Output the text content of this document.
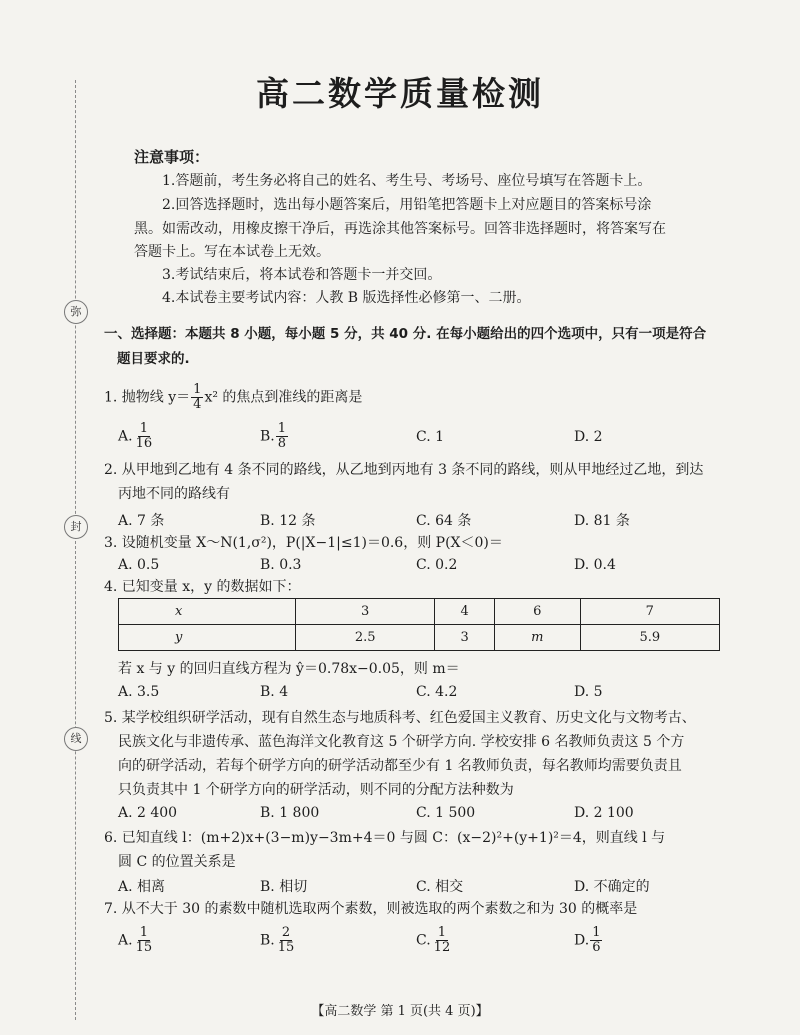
弥
封
线
高二数学质量检测
注意事项：
1.答题前，考生务必将自己的姓名、考生号、考场号、座位号填写在答题卡上。
2.回答选择题时，选出每小题答案后，用铅笔把答题卡上对应题目的答案标号涂
黑。如需改动，用橡皮擦干净后，再选涂其他答案标号。回答非选择题时，将答案写在
答题卡上。写在本试卷上无效。
3.考试结束后，将本试卷和答题卡一并交回。
4.本试卷主要考试内容：人教 B 版选择性必修第一、二册。
一、选择题：本题共 8 小题，每小题 5 分，共 40 分. 在每小题给出的四个选项中，只有一项是符合
题目要求的.
1. 抛物线 $y= \frac{1}{4} x^2$ 的焦点到准线的距离是
A. $\frac{1}{16}$	B. $\frac{1}{8}$	C. 1	D. 2
2. 从甲地到乙地有 4 条不同的路线，从乙地到丙地有 3 条不同的路线，则从甲地经过乙地，到达
丙地不同的路线有
A. 7 条	B. 12 条	C. 64 条	D. 81 条
3. 设随机变量 X～N(1,σ²)，P(|X−1|≤1)＝0.6，则 P(X＜0)＝
A. 0.5	B. 0.3	C. 0.2	D. 0.4
4. 已知变量 x，y 的数据如下：
x	3	4	6	7
y	2.5	3	m	5.9
若 x 与 y 的回归直线方程为 ŷ＝0.78x−0.05，则 m＝
A. 3.5	B. 4	C. 4.2	D. 5
5. 某学校组织研学活动，现有自然生态与地质科考、红色爱国主义教育、历史文化与文物考古、
民族文化与非遗传承、蓝色海洋文化教育这 5 个研学方向. 学校安排 6 名教师负责这 5 个方
向的研学活动，若每个研学方向的研学活动都至少有 1 名教师负责，每名教师均需要负责且
只负责其中 1 个研学方向的研学活动，则不同的分配方法种数为
A. 2 400	B. 1 800	C. 1 500	D. 2 100
6. 已知直线 l：(m+2)x+(3−m)y−3m+4＝0 与圆 C：(x−2)²+(y+1)²＝4，则直线 l 与
圆 C 的位置关系是
A. 相离	B. 相切	C. 相交	D. 不确定的
7. 从不大于 30 的素数中随机选取两个素数，则被选取的两个素数之和为 30 的概率是
A. $\frac{1}{15}$	B. $\frac{2}{15}$	C. $\frac{1}{12}$	D. $\frac{1}{6}$
【高二数学 第 1 页(共 4 页)】
